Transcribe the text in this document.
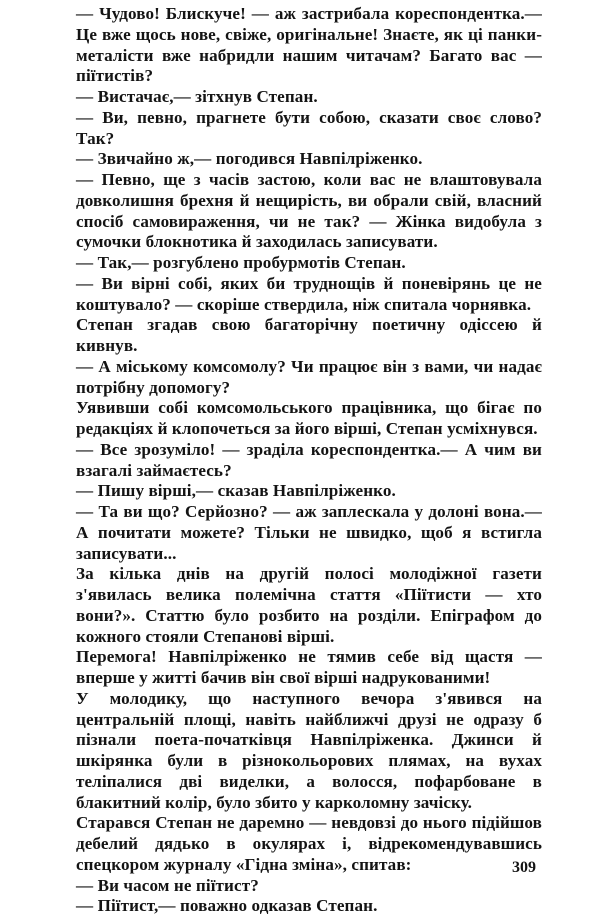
— Чудово! Блискуче! — аж застрибала кореспондентка.— Це вже щось нове, свіже, оригінальне! Знаєте, як ці панки-металісти вже набридли нашим читачам? Багато вас — піїтистів?

— Вистачає,— зітхнув Степан.

— Ви, певно, прагнете бути собою, сказати своє слово? Так?

— Звичайно ж,— погодився Навпілріженко.

— Певно, ще з часів застою, коли вас не влаштовувала довколишня брехня й нещирість, ви обрали свій, власний спосіб самовираження, чи не так? — Жінка видобула з сумочки блокнотика й заходилась записувати.

— Так,— розгублено пробурмотів Степан.

— Ви вірні собі, яких би труднощів й поневірянь це не коштувало? — скоріше ствердила, ніж спитала чорнявка.

Степан згадав свою багаторічну поетичну одіссею й кивнув.

— А міському комсомолу? Чи працює він з вами, чи надає потрібну допомогу?

Уявивши собі комсомольського працівника, що бігає по редакціях й клопочеться за його вірші, Степан усміхнувся.

— Все зрозуміло! — зраділа кореспондентка.— А чим ви взагалі займаєтесь?

— Пишу вірші,— сказав Навпілріженко.

— Та ви що? Серйозно? — аж заплескала у долоні вона.— А почитати можете? Тільки не швидко, щоб я встигла записувати...

За кілька днів на другій полосі молодіжної газети з'явилась велика полемічна стаття «Піїтисти — хто вони?». Статтю було розбито на розділи. Епіграфом до кожного стояли Степанові вірші.

Перемога! Навпілріженко не тямив себе від щастя — вперше у житті бачив він свої вірші надрукованими!

У молодику, що наступного вечора з'явився на центральній площі, навіть найближчі друзі не одразу б пізнали поета-початківця Навпілріженка. Джинси й шкірянка були в різнокольорових плямах, на вухах теліпалися дві виделки, а волосся, пофарбоване в блакитний колір, було збито у карколомну зачіску.

Старався Степан не даремно — невдовзі до нього підійшов дебелий дядько в окулярах і, відрекомендувавшись спецкором журналу «Гідна зміна», спитав:

— Ви часом не піїтист?

— Піїтист,— поважно одказав Степан.

309
